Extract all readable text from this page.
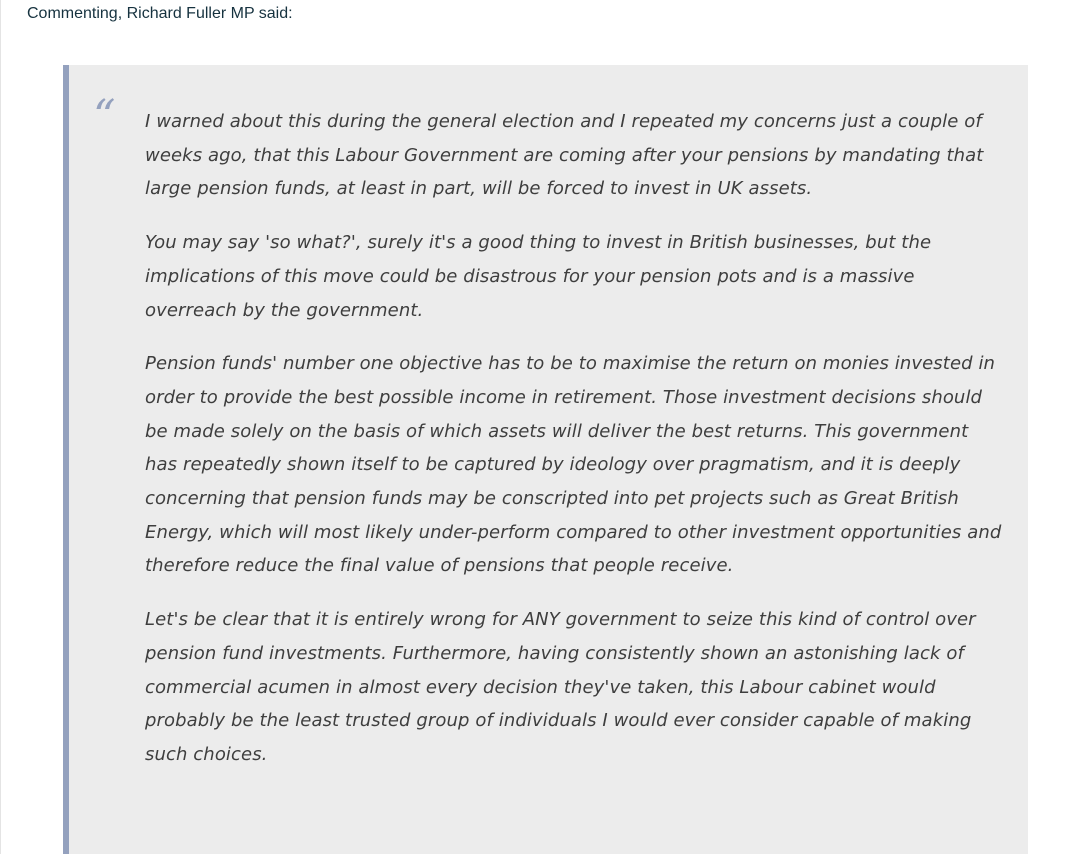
Commenting, Richard Fuller MP said:

“ I warned about this during the general election and I repeated my concerns just a couple of weeks ago, that this Labour Government are coming after your pensions by mandating that large pension funds, at least in part, will be forced to invest in UK assets.

You may say 'so what?', surely it's a good thing to invest in British businesses, but the implications of this move could be disastrous for your pension pots and is a massive overreach by the government.

Pension funds' number one objective has to be to maximise the return on monies invested in order to provide the best possible income in retirement. Those investment decisions should be made solely on the basis of which assets will deliver the best returns. This government has repeatedly shown itself to be captured by ideology over pragmatism, and it is deeply concerning that pension funds may be conscripted into pet projects such as Great British Energy, which will most likely under-perform compared to other investment opportunities and therefore reduce the final value of pensions that people receive.

Let's be clear that it is entirely wrong for ANY government to seize this kind of control over pension fund investments. Furthermore, having consistently shown an astonishing lack of commercial acumen in almost every decision they've taken, this Labour cabinet would probably be the least trusted group of individuals I would ever consider capable of making such choices.
